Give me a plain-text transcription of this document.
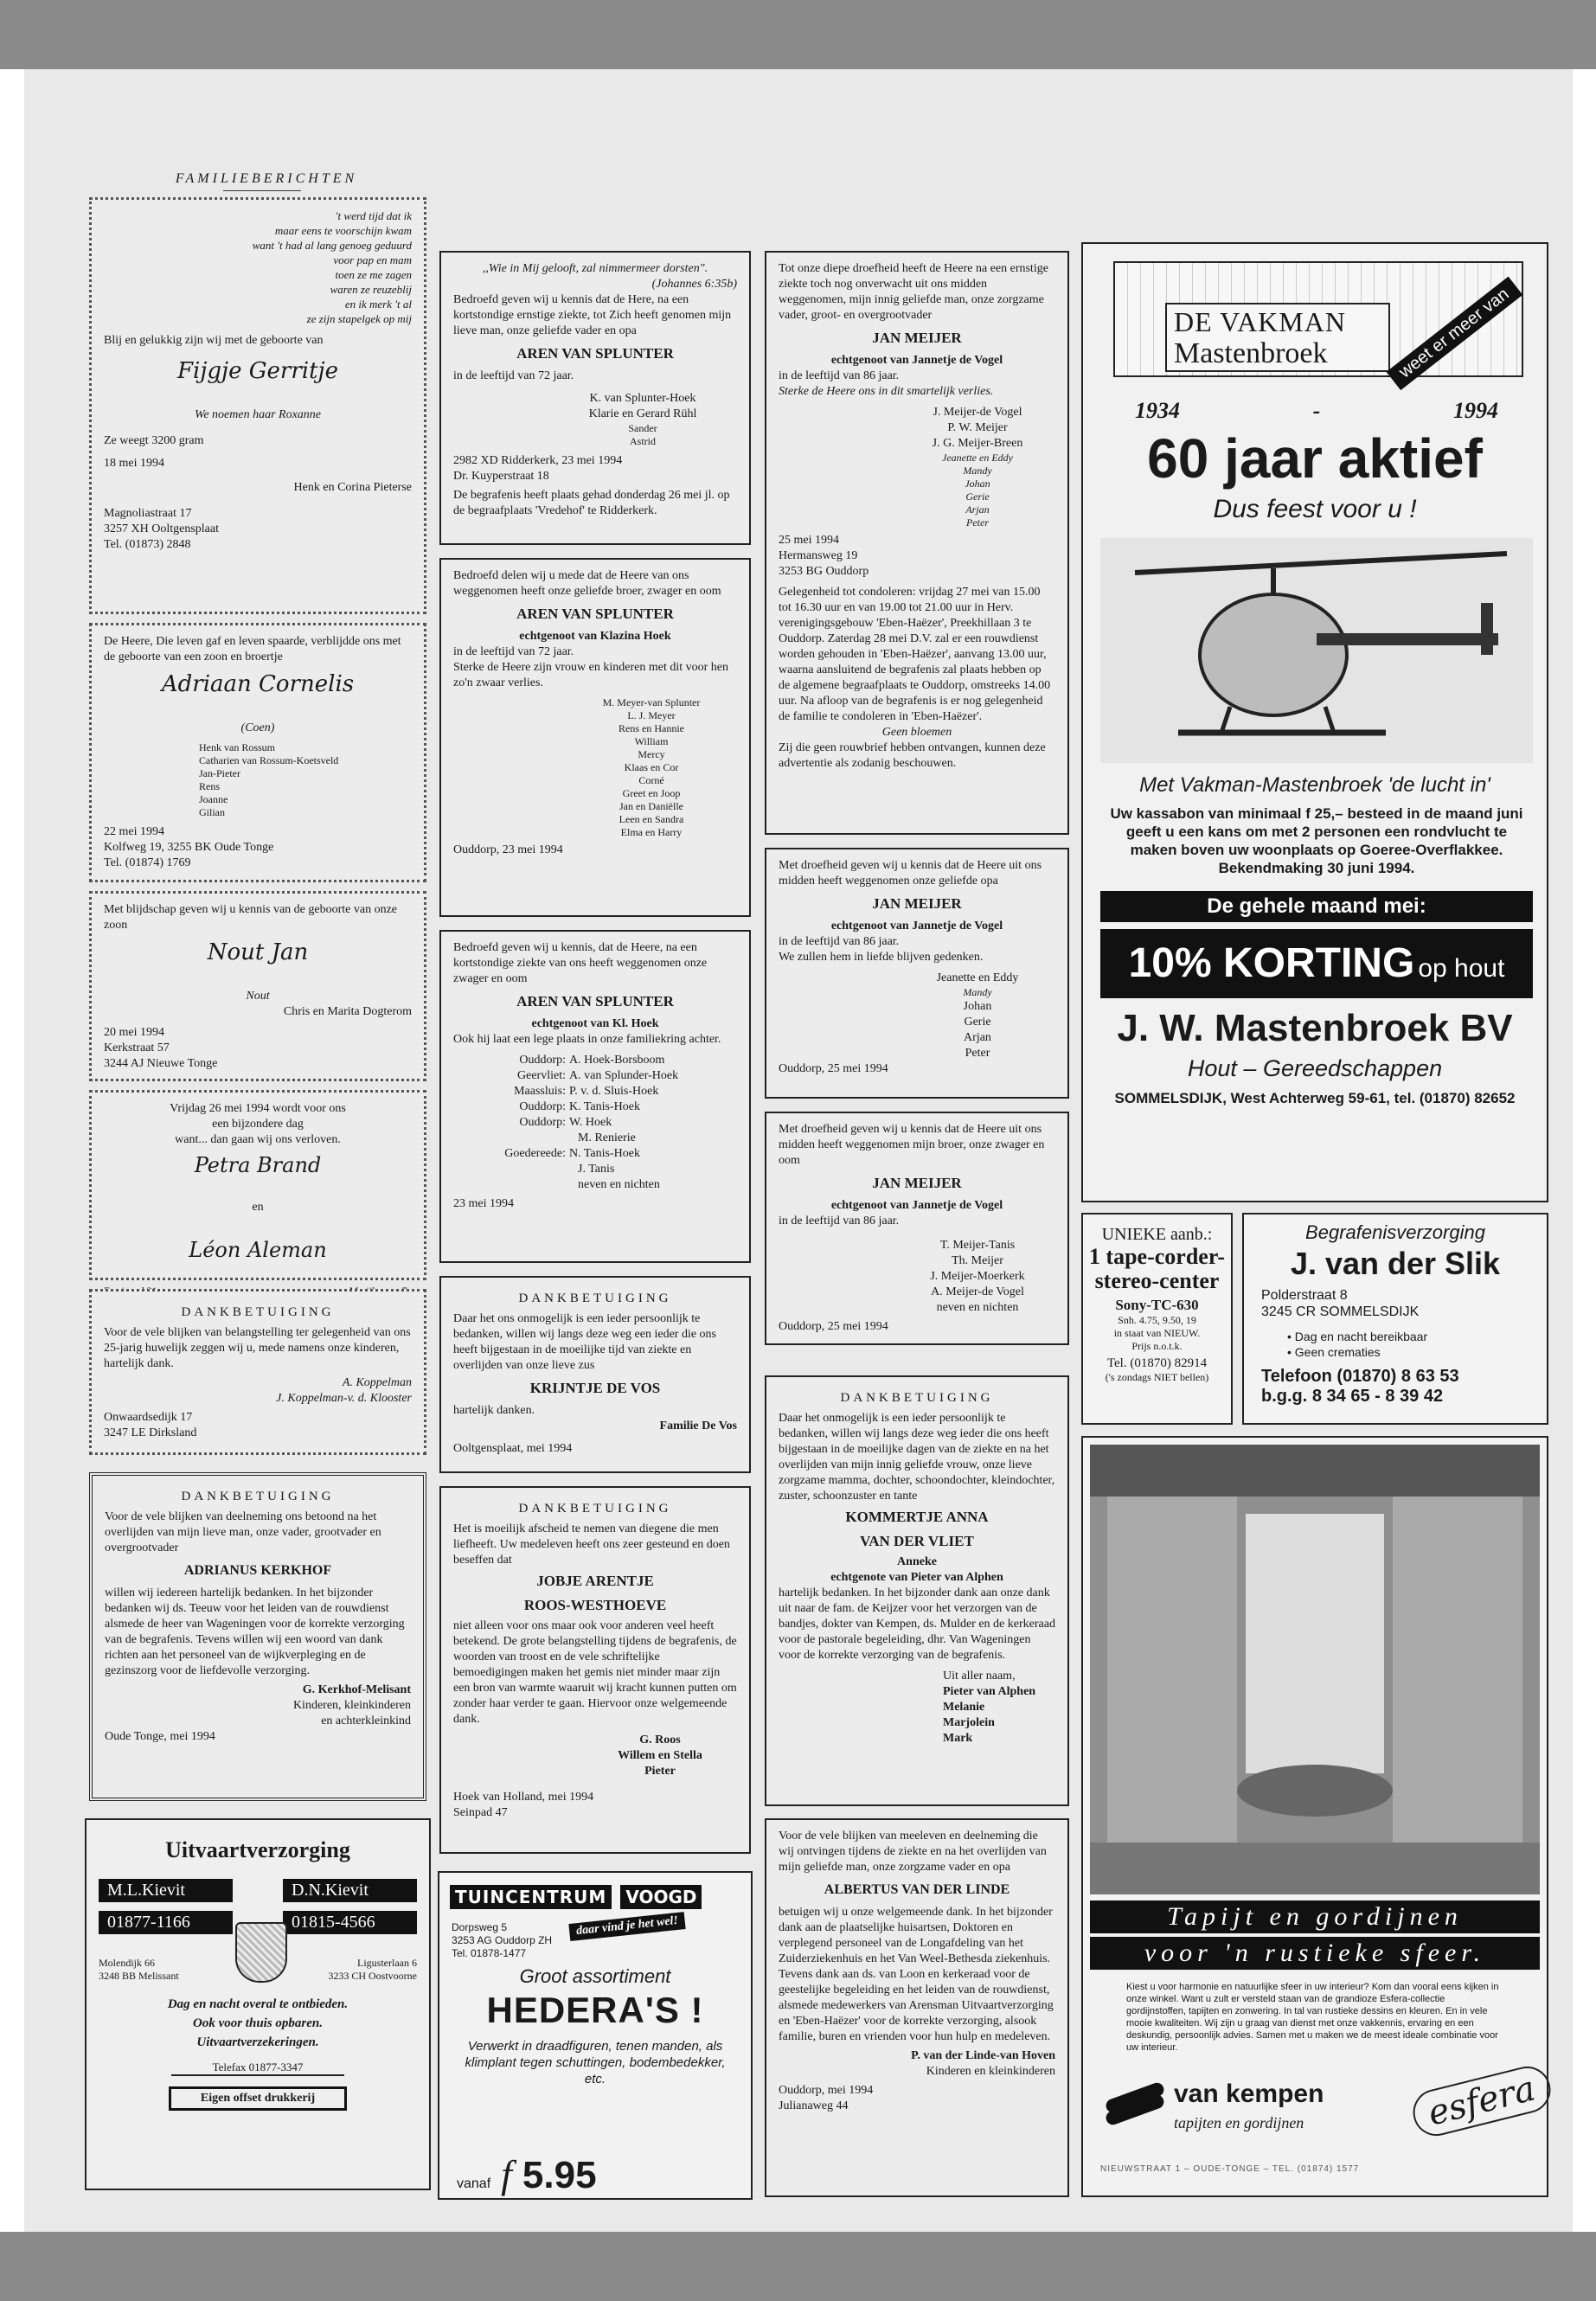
FAMILIEBERICHTEN
't werd tijd dat ik
maar eens te voorschijn kwam
want 't had al lang genoeg geduurd
voor pap en mam
toen ze me zagen
waren ze reuzeblij
en ik merk 't al
ze zijn stapelgek op mij

Blij en gelukkig zijn wij met de geboorte van

Fijgje Gerritje

We noemen haar Roxanne

Ze weegt 3200 gram

18 mei 1994

Henk en Corina Pieterse

Magnoliastraat 17

3257 XH Ooltgensplaat

Tel. (01873) 2848

De Heere, Die leven gaf en leven spaarde, verblijdde ons met de geboorte van een zoon en broertje

Adriaan Cornelis

(Coen)

Henk van Rossum

Catharien van Rossum-Koetsveld

Jan-Pieter

Rens

Joanne

Gilian

22 mei 1994

Kolfweg 19, 3255 BK Oude Tonge

Tel. (01874) 1769

Met blijdschap geven wij u kennis van de geboorte van onze zoon

Nout Jan

Nout

Chris en Marita Dogterom

20 mei 1994

Kerkstraat 57

3244 AJ Nieuwe Tonge

Vrijdag 26 mei 1994 wordt voor ons

een bijzondere dag

want... dan gaan wij ons verloven.

Petra Brand

en

Léon Aleman

DANKBETUIGING

Voor de vele blijken van belangstelling ter gelegenheid van ons 25-jarig huwelijk zeggen wij u, mede namens onze kinderen, hartelijk dank.

A. Koppelman

J. Koppelman-v. d. Klooster

Onwaardsedijk 17

3247 LE Dirksland

DANKBETUIGING

Voor de vele blijken van deelneming ons betoond na het overlijden van mijn lieve man, onze vader, grootvader en overgrootvader

ADRIANUS KERKHOF

willen wij iedereen hartelijk bedanken. In het bijzonder bedanken wij ds. Teeuw voor het leiden van de rouwdienst alsmede de heer van Wageningen voor de korrekte verzorging van de begrafenis. Tevens willen wij een woord van dank richten aan het personeel van de wijkverpleging en de gezinszorg voor de liefdevolle verzorging.

G. Kerkhof-Melisant

Kinderen, kleinkinderen

en achterkleinkind

Oude Tonge, mei 1994

Uitvaartverzorging
M.L.Kievit	D.N.Kievit
01877-1166	01815-4566

Molendijk 66

3248 BB Melissant

Ligusterlaan 6

3233 CH Oostvoorne

Dag en nacht overal te ontbieden.
Ook voor thuis opbaren.
Uitvaartverzekeringen.
Telefax 01877-3347
Eigen offset drukkerij

,,Wie in Mij gelooft, zal nimmermeer dorsten".

(Johannes 6:35b)

Bedroefd geven wij u kennis dat de Here, na een kortstondige ernstige ziekte, tot Zich heeft genomen mijn lieve man, onze geliefde vader en opa

AREN VAN SPLUNTER

in de leeftijd van 72 jaar.

K. van Splunter-Hoek

Klarie en Gerard Rühl

Sander

Astrid

2982 XD Ridderkerk, 23 mei 1994

Dr. Kuyperstraat 18

De begrafenis heeft plaats gehad donderdag 26 mei jl. op de begraafplaats 'Vredehof' te Ridderkerk.

Bedroefd delen wij u mede dat de Heere van ons weggenomen heeft onze geliefde broer, zwager en oom

AREN VAN SPLUNTER

echtgenoot van Klazina Hoek

in de leeftijd van 72 jaar.

Sterke de Heere zijn vrouw en kinderen met dit voor hen zo'n zwaar verlies.

M. Meyer-van Splunter

L. J. Meyer

Rens en Hannie

William

Mercy

Klaas en Cor

Corné

Greet en Joop

Jan en Daniëlle

Leen en Sandra

Elma en Harry

Ouddorp, 23 mei 1994

Bedroefd geven wij u kennis, dat de Heere, na een kortstondige ziekte van ons heeft weggenomen onze zwager en oom

AREN VAN SPLUNTER

echtgenoot van Kl. Hoek

Ook hij laat een lege plaats in onze familiekring achter.

Ouddorp: A. Hoek-Borsboom
Geervliet: A. van Splunder-Hoek
Maassluis: P. v. d. Sluis-Hoek
Ouddorp: K. Tanis-Hoek
Ouddorp: W. Hoek
M. Renierie
Goedereede: N. Tanis-Hoek
J. Tanis
neven en nichten

23 mei 1994

DANKBETUIGING

Daar het ons onmogelijk is een ieder persoonlijk te bedanken, willen wij langs deze weg een ieder die ons heeft bijgestaan in de moeilijke tijd van ziekte en overlijden van onze lieve zus

KRIJNTJE DE VOS

hartelijk danken.

Familie De Vos

Ooltgensplaat, mei 1994

DANKBETUIGING

Het is moeilijk afscheid te nemen van diegene die men liefheeft. Uw medeleven heeft ons zeer gesteund en doen beseffen dat

JOBJE ARENTJE

ROOS-WESTHOEVE

niet alleen voor ons maar ook voor anderen veel heeft betekend. De grote belangstelling tijdens de begrafenis, de woorden van troost en de vele schriftelijke bemoedigingen maken het gemis niet minder maar zijn een bron van warmte waaruit wij kracht kunnen putten om zonder haar verder te gaan. Hiervoor onze welgemeende dank.

G. Roos

Willem en Stella

Pieter

Hoek van Holland, mei 1994

Seinpad 47

TUINCENTRUM VOOGD
daar vind je het wel!
Dorpsweg 5
3253 AG Ouddorp ZH
Tel. 01878-1477
Groot assortiment
HEDERA'S !
Verwerkt in draadfiguren, tenen manden, als klimplant tegen schuttingen, bodembedekker, etc.
vanaf f 5.95

Tot onze diepe droefheid heeft de Heere na een ernstige ziekte toch nog onverwacht uit ons midden weggenomen, mijn innig geliefde man, onze zorgzame vader, groot- en overgrootvader

JAN MEIJER

echtgenoot van Jannetje de Vogel

in de leeftijd van 86 jaar.

Sterke de Heere ons in dit smartelijk verlies.

J. Meijer-de Vogel

P. W. Meijer

J. G. Meijer-Breen

Jeanette en Eddy

Mandy

Johan

Gerie

Arjan

Peter

25 mei 1994

Hermansweg 19

3253 BG Ouddorp

Gelegenheid tot condoleren: vrijdag 27 mei van 15.00 tot 16.30 uur en van 19.00 tot 21.00 uur in Herv. verenigingsgebouw 'Eben-Haëzer', Preekhillaan 3 te Ouddorp. Zaterdag 28 mei D.V. zal er een rouwdienst worden gehouden in 'Eben-Haëzer', aanvang 13.00 uur, waarna aansluitend de begrafenis zal plaats hebben op de algemene begraafplaats te Ouddorp, omstreeks 14.00 uur. Na afloop van de begrafenis is er nog gelegenheid de familie te condoleren in 'Eben-Haëzer'.

Geen bloemen

Zij die geen rouwbrief hebben ontvangen, kunnen deze advertentie als zodanig beschouwen.

Met droefheid geven wij u kennis dat de Heere uit ons midden heeft weggenomen onze geliefde opa

JAN MEIJER

echtgenoot van Jannetje de Vogel

in de leeftijd van 86 jaar.

We zullen hem in liefde blijven gedenken.

Jeanette en Eddy

Mandy

Johan

Gerie

Arjan

Peter

Ouddorp, 25 mei 1994

Met droefheid geven wij u kennis dat de Heere uit ons midden heeft weggenomen mijn broer, onze zwager en oom

JAN MEIJER

echtgenoot van Jannetje de Vogel

in de leeftijd van 86 jaar.

T. Meijer-Tanis

Th. Meijer

J. Meijer-Moerkerk

A. Meijer-de Vogel

neven en nichten

Ouddorp, 25 mei 1994

DANKBETUIGING

Daar het onmogelijk is een ieder persoonlijk te bedanken, willen wij langs deze weg ieder die ons heeft bijgestaan in de moeilijke dagen van de ziekte en na het overlijden van mijn innig geliefde vrouw, onze lieve zorgzame mamma, dochter, schoondochter, kleindochter, zuster, schoonzuster en tante

KOMMERTJE ANNA

VAN DER VLIET

Anneke

echtgenote van Pieter van Alphen

hartelijk bedanken. In het bijzonder dank aan onze dank uit naar de fam. de Keijzer voor het verzorgen van de bandjes, dokter van Kempen, ds. Mulder en de kerkeraad voor de pastorale begeleiding, dhr. Van Wageningen voor de korrekte verzorging van de begrafenis.

Uit aller naam,

Pieter van Alphen

Melanie

Marjolein

Mark

Voor de vele blijken van meeleven en deelneming die wij ontvingen tijdens de ziekte en na het overlijden van mijn geliefde man, onze zorgzame vader en opa

ALBERTUS VAN DER LINDE

betuigen wij u onze welgemeende dank. In het bijzonder dank aan de plaatselijke huisartsen, Doktoren en verplegend personeel van de Longafdeling van het Zuiderziekenhuis en het Van Weel-Bethesda ziekenhuis. Tevens dank aan ds. van Loon en kerkeraad voor de geestelijke begeleiding en het leiden van de rouwdienst, alsmede medewerkers van Arensman Uitvaartverzorging en 'Eben-Haëzer' voor de korrekte verzorging, alsook familie, buren en vrienden voor hun hulp en medeleven.

P. van der Linde-van Hoven

Kinderen en kleinkinderen

Ouddorp, mei 1994

Julianaweg 44

DE VAKMAN
Mastenbroek	weet er meer van
1934	-	1994
60 jaar aktief
Dus feest voor u !
Met Vakman-Mastenbroek 'de lucht in'
Uw kassabon van minimaal f 25,– besteed in de maand juni geeft u een kans om met 2 personen een rondvlucht te maken boven uw woonplaats op Goeree-Overflakkee. Bekendmaking 30 juni 1994.
De gehele maand mei:
10% KORTING op hout
J. W. Mastenbroek BV
Hout – Gereedschappen
SOMMELSDIJK, West Achterweg 59-61, tel. (01870) 82652
UNIEKE aanb.:
1 tape-corder-
stereo-center
Sony-TC-630
Snh. 4.75, 9.50, 19
in staat van NIEUW.
Prijs n.o.t.k.
Tel. (01870) 82914
('s zondags NIET bellen)
Begrafenisverzorging
J. van der Slik
Polderstraat 8
3245 CR SOMMELSDIJK
• Dag en nacht bereikbaar
• Geen crematies
Telefoon (01870) 8 63 53
b.g.g. 8 34 65 - 8 39 42
Tapijt en gordijnen
voor 'n rustieke sfeer.
Kiest u voor harmonie en natuurlijke sfeer in uw interieur? Kom dan vooral eens kijken in onze winkel. Want u zult er versteld staan van de grandioze Esfera-collectie gordijnstoffen, tapijten en zonwering. In tal van rustieke dessins en kleuren. En in vele mooie kwaliteiten. Wij zijn u graag van dienst met onze vakkennis, ervaring en een deskundig, persoonlijk advies. Samen met u maken we de meest ideale combinatie voor uw interieur.
van kempen
tapijten en gordijnen	esfera
NIEUWSTRAAT 1 – OUDE-TONGE – TEL. (01874) 1577
